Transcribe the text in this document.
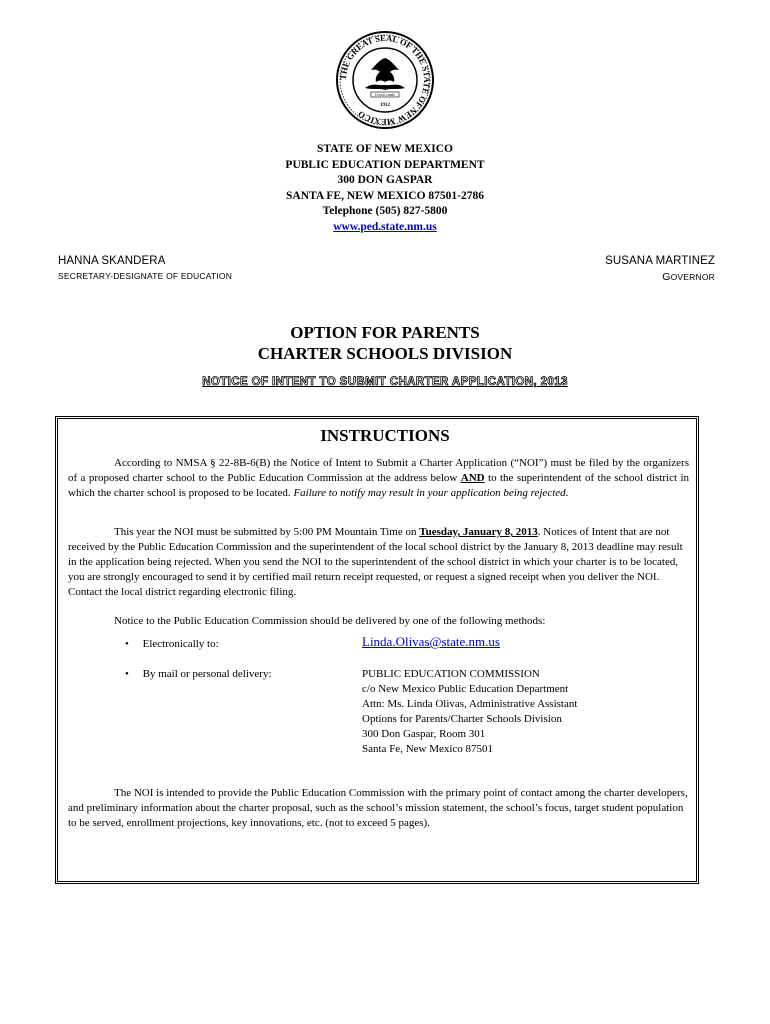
THE GREAT SEAL OF THE STATE OF NEW MEXICO
Crescit eundo
1912
STATE OF NEW MEXICO
PUBLIC EDUCATION DEPARTMENT
300 DON GASPAR
SANTA FE, NEW MEXICO 87501-2786
Telephone (505) 827-5800
www.ped.state.nm.us
HANNA SKANDERA
SECRETARY-DESIGNATE OF EDUCATION
SUSANA MARTINEZ
GOVERNOR
OPTION FOR PARENTS
CHARTER SCHOOLS DIVISION
NOTICE OF INTENT TO SUBMIT CHARTER APPLICATION, 2013
INSTRUCTIONS

According to NMSA § 22-8B-6(B) the Notice of Intent to Submit a Charter Application (“NOI”) must be filed by the organizers of a proposed charter school to the Public Education Commission at the address below AND to the superintendent of the school district in which the charter school is proposed to be located. Failure to notify may result in your application being rejected.

This year the NOI must be submitted by 5:00 PM Mountain Time on Tuesday, January 8, 2013. Notices of Intent that are not received by the Public Education Commission and the superintendent of the local school district by the January 8, 2013 deadline may result in the application being rejected. When you send the NOI to the superintendent of the school district in which your charter is to be located, you are strongly encouraged to send it by certified mail return receipt requested, or request a signed receipt when you deliver the NOI. Contact the local district regarding electronic filing.

Notice to the Public Education Commission should be delivered by one of the following methods:

• Electronically to:	Linda.Olivas@state.nm.us
• By mail or personal delivery:	PUBLIC EDUCATION COMMISSION
c/o New Mexico Public Education Department
Attn: Ms. Linda Olivas, Administrative Assistant
Options for Parents/Charter Schools Division
300 Don Gaspar, Room 301
Santa Fe, New Mexico 87501

The NOI is intended to provide the Public Education Commission with the primary point of contact among the charter developers, and preliminary information about the charter proposal, such as the school’s mission statement, the school’s focus, target student population to be served, enrollment projections, key innovations, etc. (not to exceed 5 pages).
